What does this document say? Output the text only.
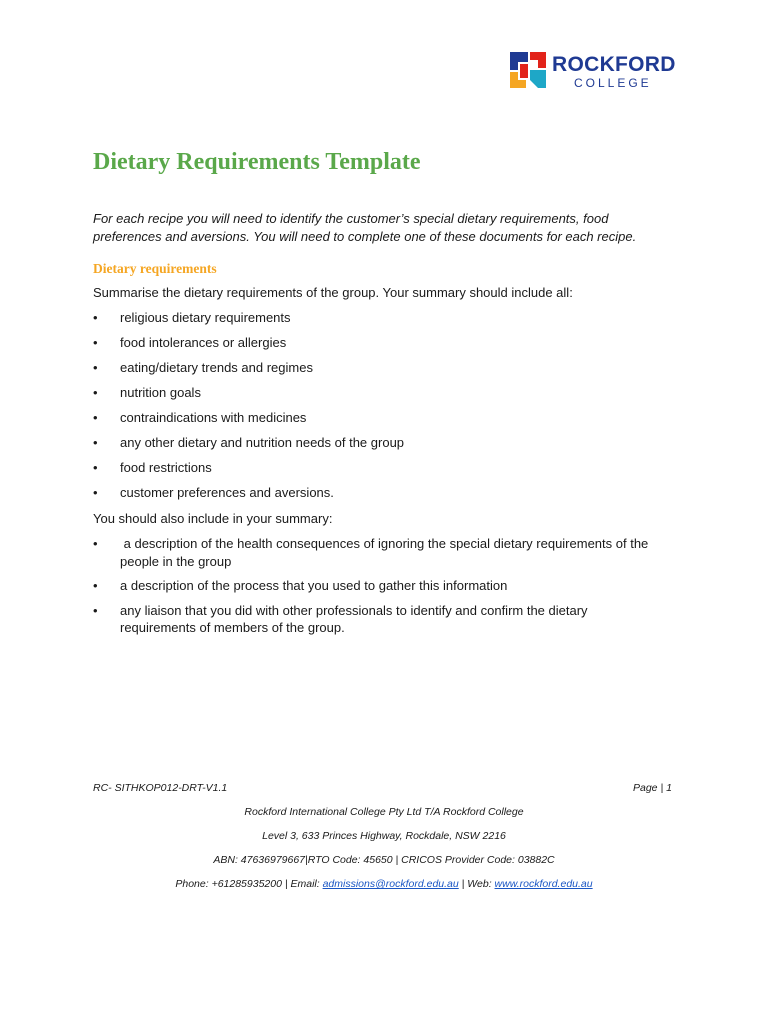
ROCKFORD
COLLEGE
Dietary Requirements Template
For each recipe you will need to identify the customer’s special dietary requirements, food preferences and aversions. You will need to complete one of these documents for each recipe.
Dietary requirements
Summarise the dietary requirements of the group. Your summary should include all:
• religious dietary requirements
• food intolerances or allergies
• eating/dietary trends and regimes
• nutrition goals
• contraindications with medicines
• any other dietary and nutrition needs of the group
• food restrictions
• customer preferences and aversions.
You should also include in your summary:
• a description of the health consequences of ignoring the special dietary requirements of the people in the group
• a description of the process that you used to gather this information
• any liaison that you did with other professionals to identify and confirm the dietary requirements of members of the group.
RC- SITHKOP012-DRT-V1.1	Page | 1
Rockford International College Pty Ltd T/A Rockford College
Level 3, 633 Princes Highway, Rockdale, NSW 2216
ABN: 47636979667|RTO Code: 45650 | CRICOS Provider Code: 03882C
Phone: +61285935200 | Email: admissions@rockford.edu.au | Web: www.rockford.edu.au
